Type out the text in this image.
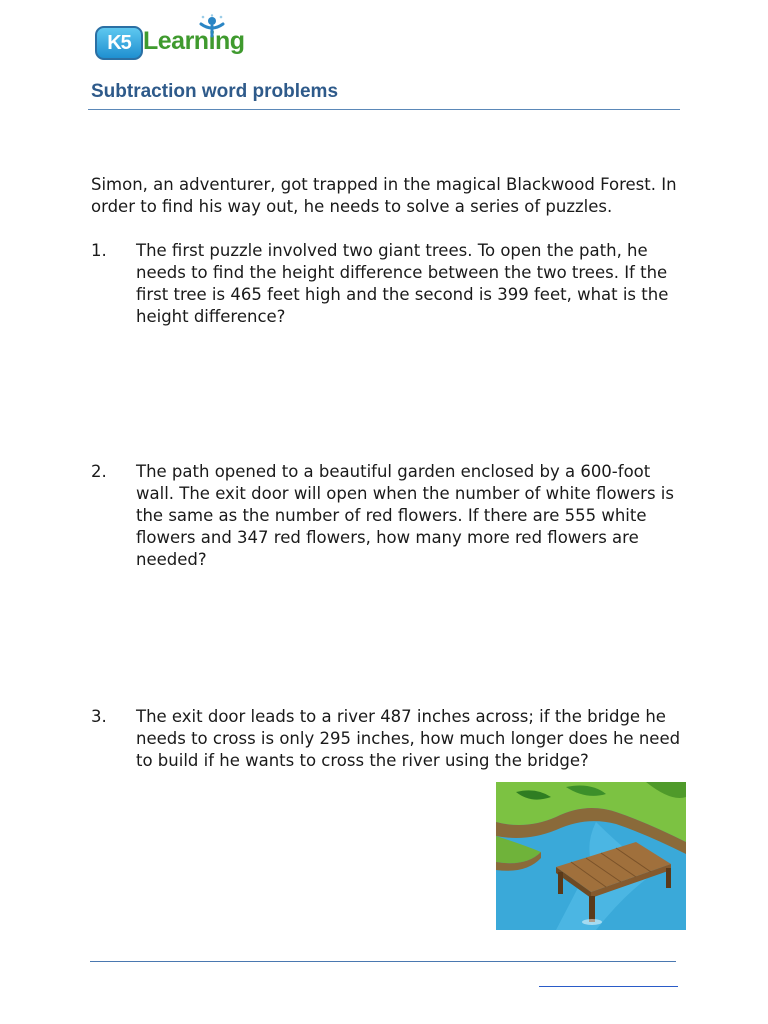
K5 Learning
Subtraction word problems

Simon, an adventurer, got trapped in the magical Blackwood Forest. In order to find his way out, he needs to solve a series of puzzles.

1. The first puzzle involved two giant trees. To open the path, he needs to find the height difference between the two trees. If the first tree is 465 feet high and the second is 399 feet, what is the height difference?

2. The path opened to a beautiful garden enclosed by a 600-foot wall. The exit door will open when the number of white flowers is the same as the number of red flowers. If there are 555 white flowers and 347 red flowers, how many more red flowers are needed?

3. The exit door leads to a river 487 inches across; if the bridge he needs to cross is only 295 inches, how much longer does he need to build if he wants to cross the river using the bridge?
